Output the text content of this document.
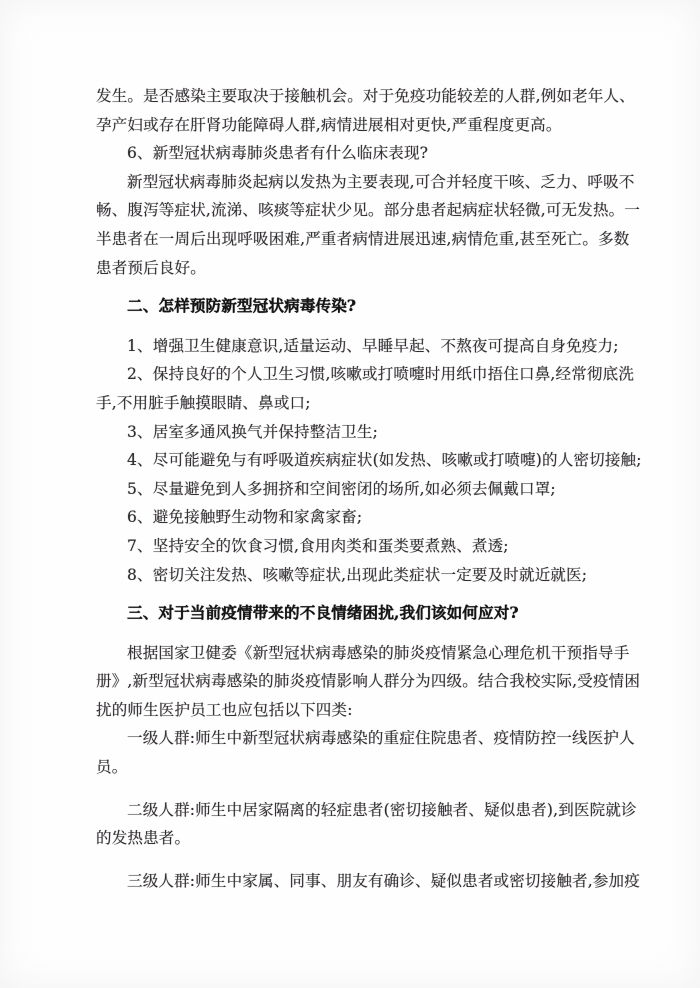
发生。是否感染主要取决于接触机会。对于免疫功能较差的人群,例如老年人、
孕产妇或存在肝肾功能障碍人群,病情进展相对更快,严重程度更高。
6、新型冠状病毒肺炎患者有什么临床表现?
新型冠状病毒肺炎起病以发热为主要表现,可合并轻度干咳、乏力、呼吸不
畅、腹泻等症状,流涕、咳痰等症状少见。部分患者起病症状轻微,可无发热。一
半患者在一周后出现呼吸困难,严重者病情进展迅速,病情危重,甚至死亡。多数
患者预后良好。
二、怎样预防新型冠状病毒传染?
1、增强卫生健康意识,适量运动、早睡早起、不熬夜可提高自身免疫力;
2、保持良好的个人卫生习惯,咳嗽或打喷嚏时用纸巾捂住口鼻,经常彻底洗
手,不用脏手触摸眼睛、鼻或口;
3、居室多通风换气并保持整洁卫生;
4、尽可能避免与有呼吸道疾病症状(如发热、咳嗽或打喷嚏)的人密切接触;
5、尽量避免到人多拥挤和空间密闭的场所,如必须去佩戴口罩;
6、避免接触野生动物和家禽家畜;
7、坚持安全的饮食习惯,食用肉类和蛋类要煮熟、煮透;
8、密切关注发热、咳嗽等症状,出现此类症状一定要及时就近就医;
三、对于当前疫情带来的不良情绪困扰,我们该如何应对?
根据国家卫健委《新型冠状病毒感染的肺炎疫情紧急心理危机干预指导手
册》,新型冠状病毒感染的肺炎疫情影响人群分为四级。结合我校实际,受疫情困
扰的师生医护员工也应包括以下四类:
一级人群:师生中新型冠状病毒感染的重症住院患者、疫情防控一线医护人
员。
二级人群:师生中居家隔离的轻症患者(密切接触者、疑似患者),到医院就诊
的发热患者。
三级人群:师生中家属、同事、朋友有确诊、疑似患者或密切接触者,参加疫
